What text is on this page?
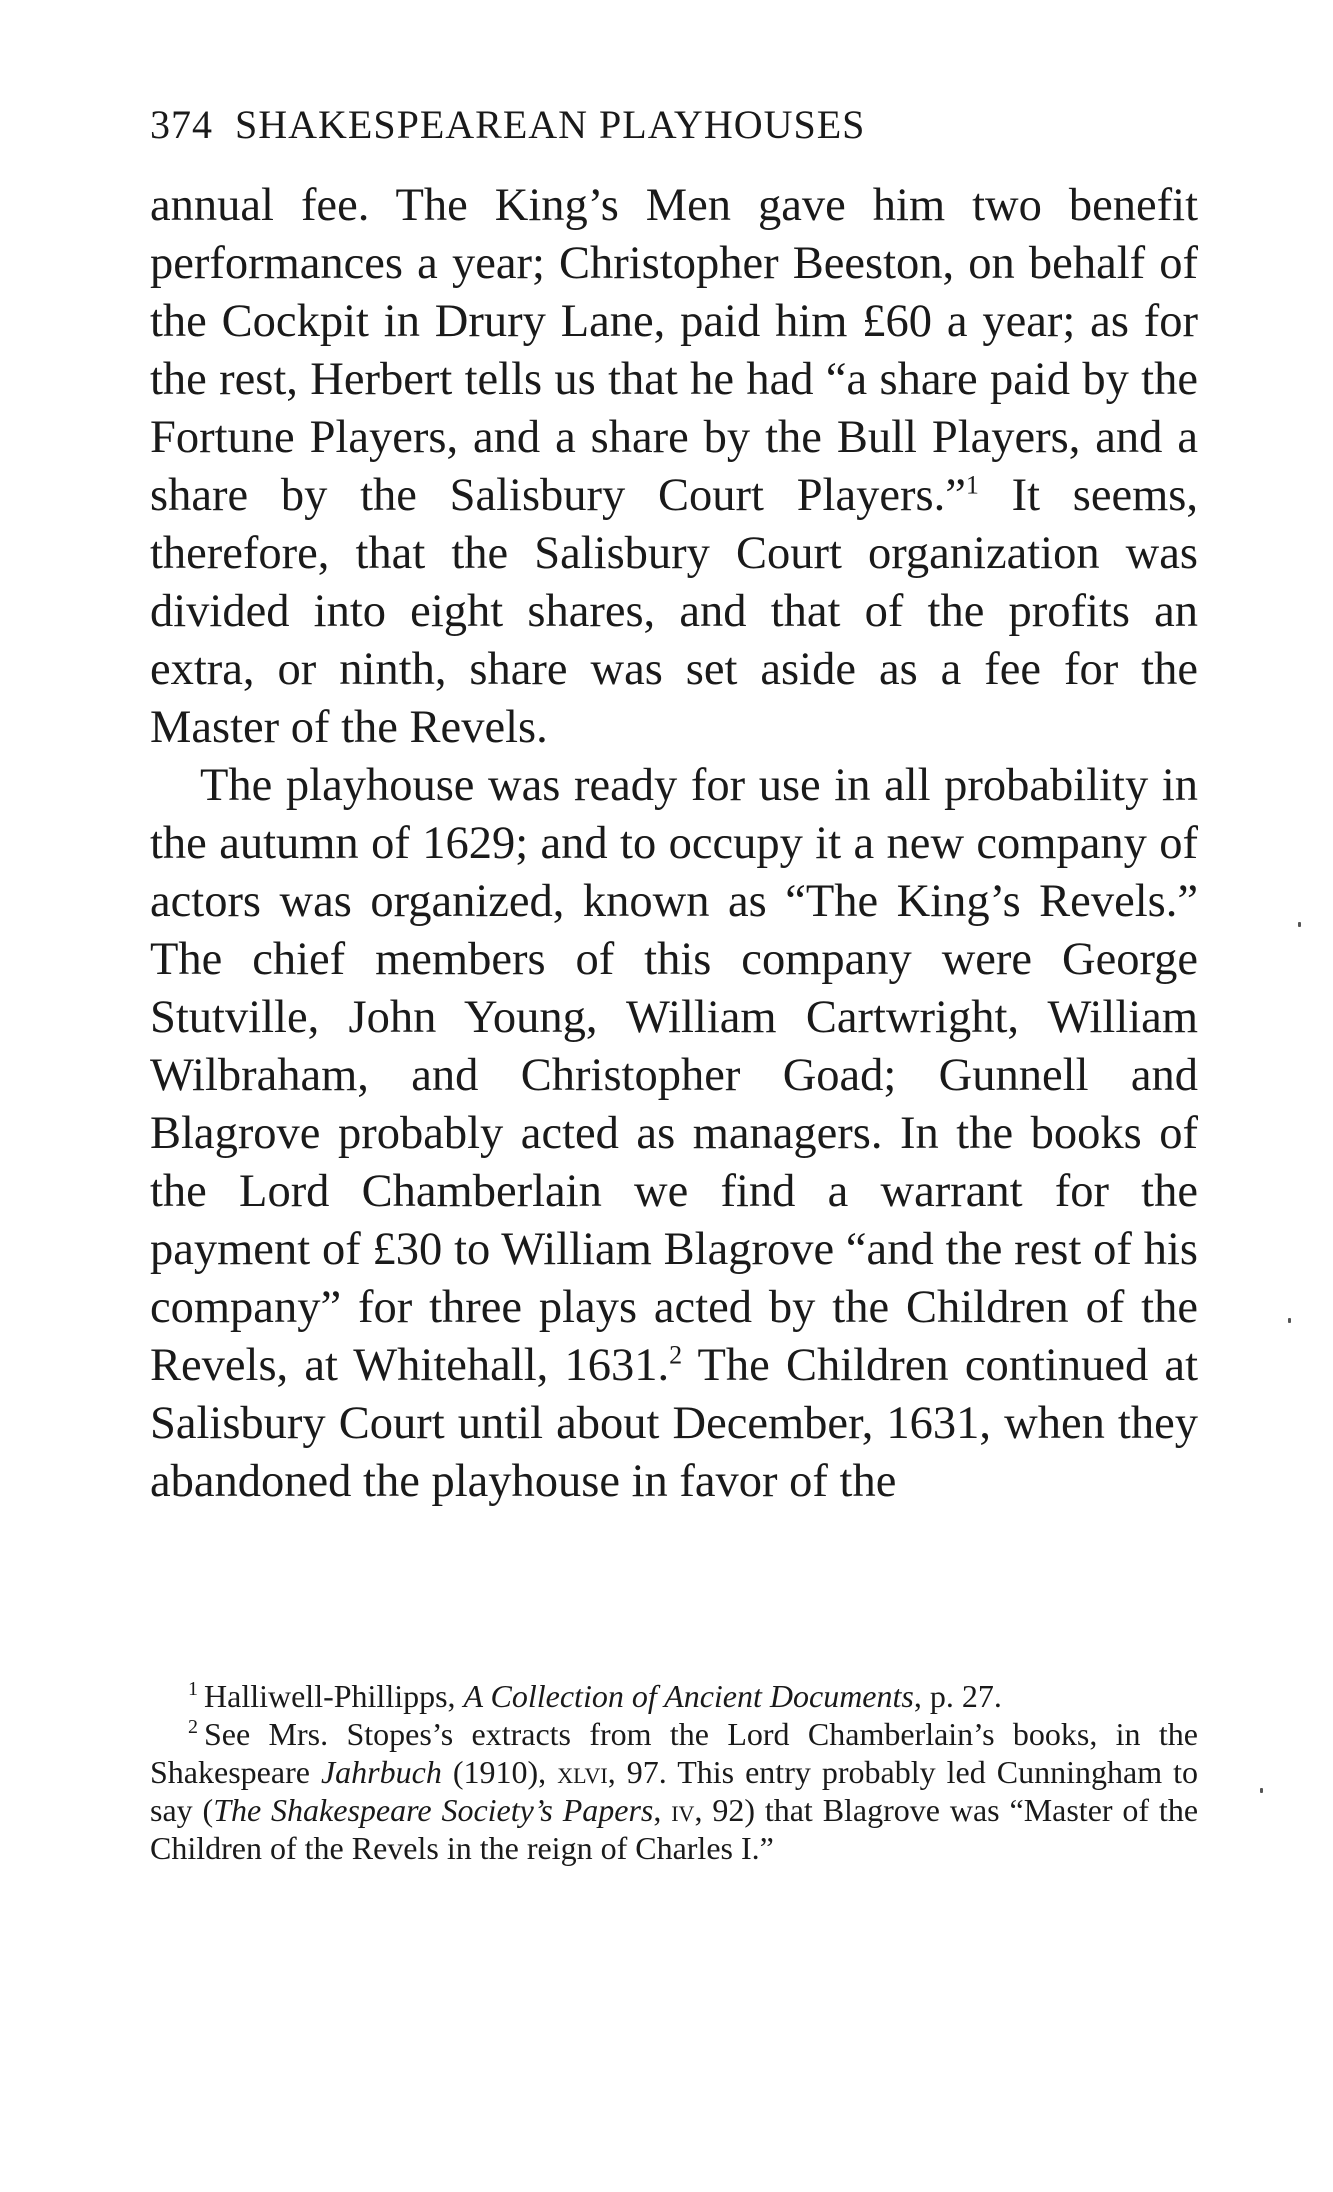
374 SHAKESPEAREAN PLAYHOUSES

annual fee. The King’s Men gave him two benefit performances a year; Christopher Beeston, on behalf of the Cockpit in Drury Lane, paid him £60 a year; as for the rest, Herbert tells us that he had “a share paid by the Fortune Players, and a share by the Bull Players, and a share by the Salisbury Court Players.”$^1$ It seems, therefore, that the Salisbury Court organization was divided into eight shares, and that of the profits an extra, or ninth, share was set aside as a fee for the Master of the Revels.

The playhouse was ready for use in all probability in the autumn of 1629; and to occupy it a new company of actors was organized, known as “The King’s Revels.” The chief members of this company were George Stutville, John Young, William Cartwright, William Wilbraham, and Christopher Goad; Gunnell and Blagrove probably acted as managers. In the books of the Lord Chamberlain we find a warrant for the payment of £30 to William Blagrove “and the rest of his company” for three plays acted by the Children of the Revels, at Whitehall, 1631.$^2$ The Children continued at Salisbury Court until about December, 1631, when they abandoned the playhouse in favor of the

$^1$ Halliwell-Phillipps, A Collection of Ancient Documents, p. 27.

$^2$ See Mrs. Stopes’s extracts from the Lord Chamberlain’s books, in the Shakespeare Jahrbuch (1910), xlvi, 97. This entry probably led Cunningham to say (The Shakespeare Society’s Papers, iv, 92) that Blagrove was “Master of the Children of the Revels in the reign of Charles I.”
